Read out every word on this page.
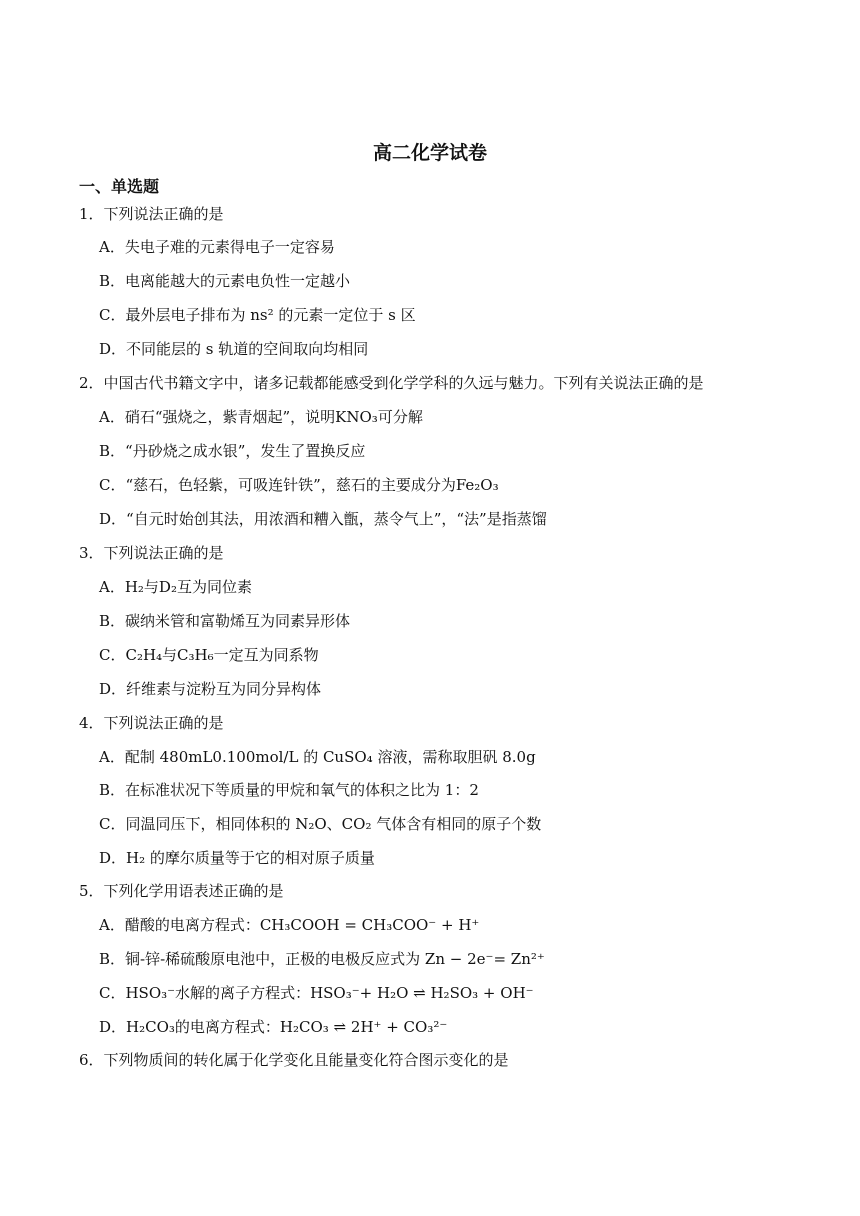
高二化学试卷
一、单选题
1．下列说法正确的是
A．失电子难的元素得电子一定容易
B．电离能越大的元素电负性一定越小
C．最外层电子排布为 ns² 的元素一定位于 s 区
D．不同能层的 s 轨道的空间取向均相同
2．中国古代书籍文字中，诸多记载都能感受到化学学科的久远与魅力。下列有关说法正确的是
A．硝石“强烧之，紫青烟起”，说明KNO₃可分解
B．“丹砂烧之成水银”，发生了置换反应
C．“慈石，色轻紫，可吸连针铁”，慈石的主要成分为Fe₂O₃
D．“自元时始创其法，用浓酒和糟入甑，蒸令气上”，“法”是指蒸馏
3．下列说法正确的是
A．H₂与D₂互为同位素
B．碳纳米管和富勒烯互为同素异形体
C．C₂H₄与C₃H₆一定互为同系物
D．纤维素与淀粉互为同分异构体
4．下列说法正确的是
A．配制 480mL0.100mol/L 的 CuSO₄ 溶液，需称取胆矾 8.0g
B．在标准状况下等质量的甲烷和氧气的体积之比为 1：2
C．同温同压下，相同体积的 N₂O、CO₂ 气体含有相同的原子个数
D．H₂ 的摩尔质量等于它的相对原子质量
5．下列化学用语表述正确的是
A．醋酸的电离方程式：CH₃COOH = CH₃COO⁻ + H⁺
B．铜-锌-稀硫酸原电池中，正极的电极反应式为 Zn − 2e⁻= Zn²⁺
C．HSO₃⁻水解的离子方程式：HSO₃⁻+ H₂O ⇌ H₂SO₃ + OH⁻
D．H₂CO₃的电离方程式：H₂CO₃ ⇌ 2H⁺ + CO₃²⁻
6．下列物质间的转化属于化学变化且能量变化符合图示变化的是
